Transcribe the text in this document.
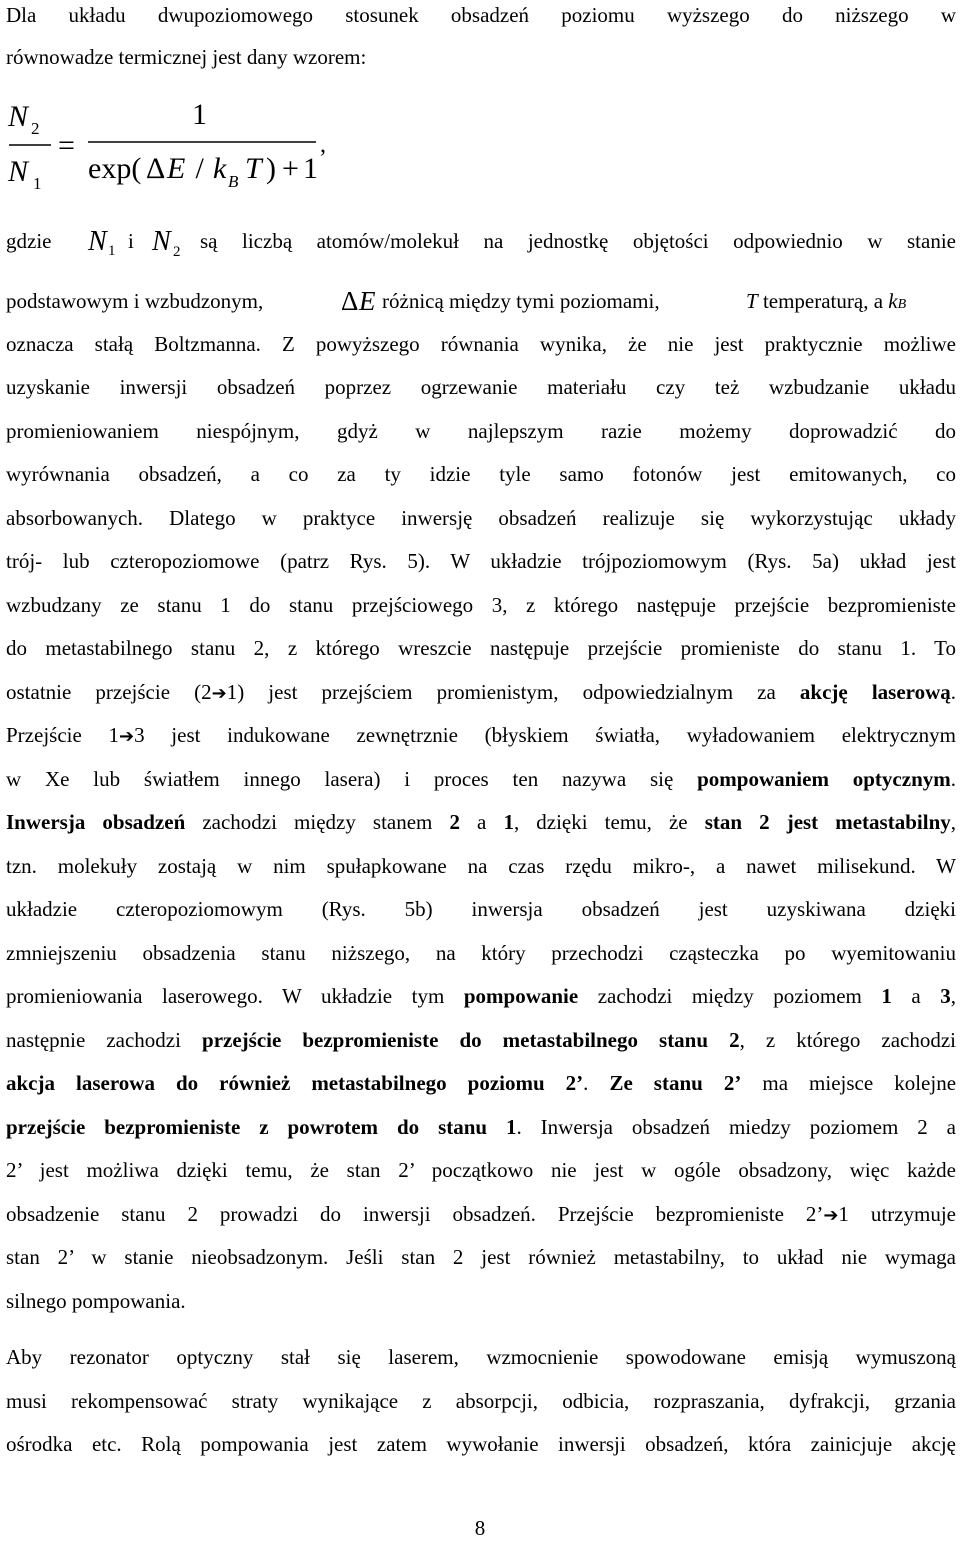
Dla układu dwupoziomowego stosunek obsadzeń poziomu wyższego do niższego w
równowadze termicznej jest dany wzorem:
N 2
N 1
=
1
exp( Δ E / k B T ) + 1
,
N 1 N 2
Δ E
gdzie	i	są liczbą atomów/molekuł na jednostkę objętości odpowiednio w stanie
podstawowym i wzbudzonym,	różnicą między tymi poziomami,	T temperaturą, a kB
oznacza stałą Boltzmanna. Z powyższego równania wynika, że nie jest praktycznie możliwe
uzyskanie inwersji obsadzeń poprzez ogrzewanie materiału czy też wzbudzanie układu
promieniowaniem niespójnym, gdyż w najlepszym razie możemy doprowadzić do
wyrównania obsadzeń, a co za ty idzie tyle samo fotonów jest emitowanych, co
absorbowanych. Dlatego w praktyce inwersję obsadzeń realizuje się wykorzystując układy
trój- lub czteropoziomowe (patrz Rys. 5). W układzie trójpoziomowym (Rys. 5a) układ jest
wzbudzany ze stanu 1 do stanu przejściowego 3, z którego następuje przejście bezpromieniste
do metastabilnego stanu 2, z którego wreszcie następuje przejście promieniste do stanu 1. To
ostatnie przejście (2➔1) jest przejściem promienistym, odpowiedzialnym za akcję laserową.
Przejście 1➔3 jest indukowane zewnętrznie (błyskiem światła, wyładowaniem elektrycznym
w Xe lub światłem innego lasera) i proces ten nazywa się pompowaniem optycznym.
Inwersja obsadzeń zachodzi między stanem 2 a 1, dzięki temu, że stan 2 jest metastabilny,
tzn. molekuły zostają w nim spułapkowane na czas rzędu mikro-, a nawet milisekund. W
układzie czteropoziomowym (Rys. 5b) inwersja obsadzeń jest uzyskiwana dzięki
zmniejszeniu obsadzenia stanu niższego, na który przechodzi cząsteczka po wyemitowaniu
promieniowania laserowego. W układzie tym pompowanie zachodzi między poziomem 1 a 3,
następnie zachodzi przejście bezpromieniste do metastabilnego stanu 2, z którego zachodzi
akcja laserowa do również metastabilnego poziomu 2’. Ze stanu 2’ ma miejsce kolejne
przejście bezpromieniste z powrotem do stanu 1. Inwersja obsadzeń miedzy poziomem 2 a
2’ jest możliwa dzięki temu, że stan 2’ początkowo nie jest w ogóle obsadzony, więc każde
obsadzenie stanu 2 prowadzi do inwersji obsadzeń. Przejście bezpromieniste 2’➔1 utrzymuje
stan 2’ w stanie nieobsadzonym. Jeśli stan 2 jest również metastabilny, to układ nie wymaga
silnego pompowania.
Aby rezonator optyczny stał się laserem, wzmocnienie spowodowane emisją wymuszoną
musi rekompensować straty wynikające z absorpcji, odbicia, rozpraszania, dyfrakcji, grzania
ośrodka etc. Rolą pompowania jest zatem wywołanie inwersji obsadzeń, która zainicjuje akcję
8
